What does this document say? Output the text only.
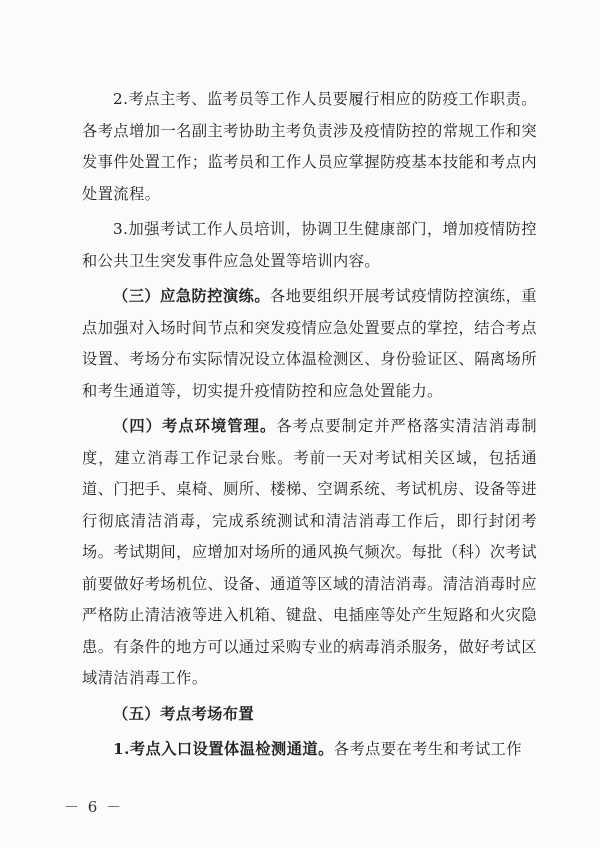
2.考点主考、监考员等工作人员要履行相应的防疫工作职责。各考点增加一名副主考协助主考负责涉及疫情防控的常规工作和突发事件处置工作；监考员和工作人员应掌握防疫基本技能和考点内处置流程。

3.加强考试工作人员培训，协调卫生健康部门，增加疫情防控和公共卫生突发事件应急处置等培训内容。

（三）应急防控演练。各地要组织开展考试疫情防控演练，重点加强对入场时间节点和突发疫情应急处置要点的掌控，结合考点设置、考场分布实际情况设立体温检测区、身份验证区、隔离场所和考生通道等，切实提升疫情防控和应急处置能力。

（四）考点环境管理。各考点要制定并严格落实清洁消毒制度，建立消毒工作记录台账。考前一天对考试相关区域，包括通道、门把手、桌椅、厕所、楼梯、空调系统、考试机房、设备等进行彻底清洁消毒，完成系统测试和清洁消毒工作后，即行封闭考场。考试期间，应增加对场所的通风换气频次。每批（科）次考试前要做好考场机位、设备、通道等区域的清洁消毒。清洁消毒时应严格防止清洁液等进入机箱、键盘、电插座等处产生短路和火灾隐患。有条件的地方可以通过采购专业的病毒消杀服务，做好考试区域清洁消毒工作。

（五）考点考场布置

1.考点入口设置体温检测通道。各考点要在考生和考试工作

－ 6 －
